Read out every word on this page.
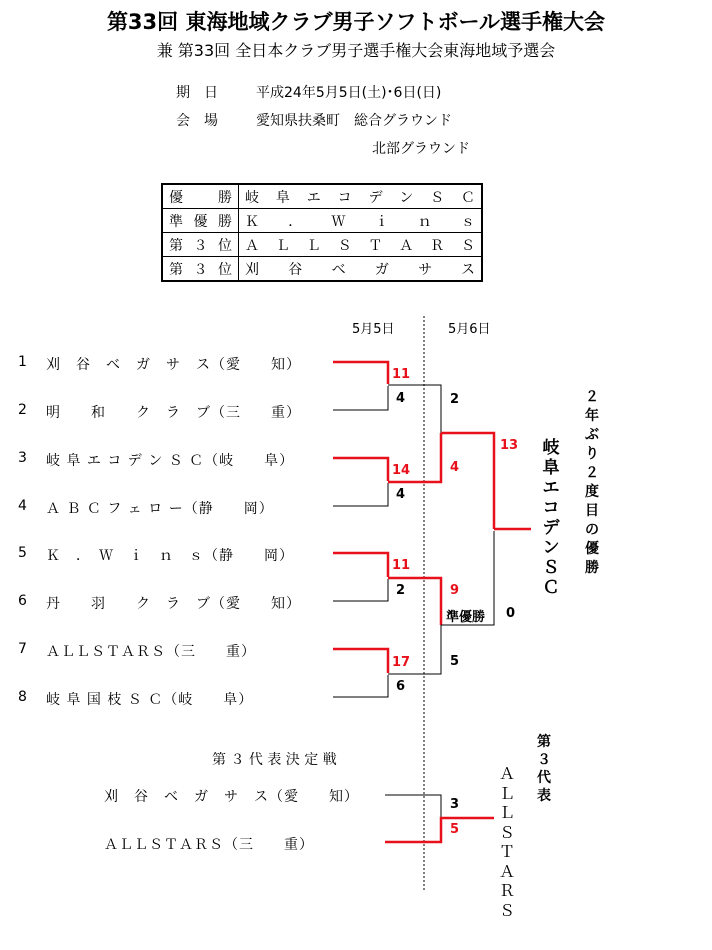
第33回 東海地域クラブ男子ソフトボール選手権大会
兼 第33回 全日本クラブ男子選手権大会東海地域予選会
期　日	平成24年5月5日(土)･6日(日)
会　場	愛知県扶桑町　総合グラウンド
北部グラウンド
優勝	岐阜エコデンＳＣ
準優勝	Ｋ．Ｗｉｎｓ
第３位	ＡＬＬＳＴＡＲＳ
第３位	刈谷ベガサス
5月5日	5月6日
1 刈　谷　ベ　ガ　サ　ス（愛　　知）
2 明　　和　　ク　ラ　ブ（三　　重）
3 岐 阜 エ コ デ ン Ｓ Ｃ（岐　　阜）
4 Ａ Ｂ Ｃ フ ェ ロ ー（静　　岡）
5 Ｋ　．　Ｗ　ｉ　ｎ　ｓ（静　　岡）
6 丹　　羽　　ク　ラ　ブ（愛　　知）
7 ＡＬＬＳＴＡＲＳ（三　　重）
8 岐 阜 国 枝 Ｓ Ｃ（岐　　阜）
11
4
14
4
11
2
17
6
2
4
9
5
13
0
準優勝
岐阜エコデンＳＣ
２年ぶり２度目の優勝
第 ３ 代 表 決 定 戦
刈　谷　ベ　ガ　サ　ス（愛　　知）
ＡＬＬＳＴＡＲＳ（三　　重）
3
5
第３代表
ＡＬＬＳＴＡＲＳ
